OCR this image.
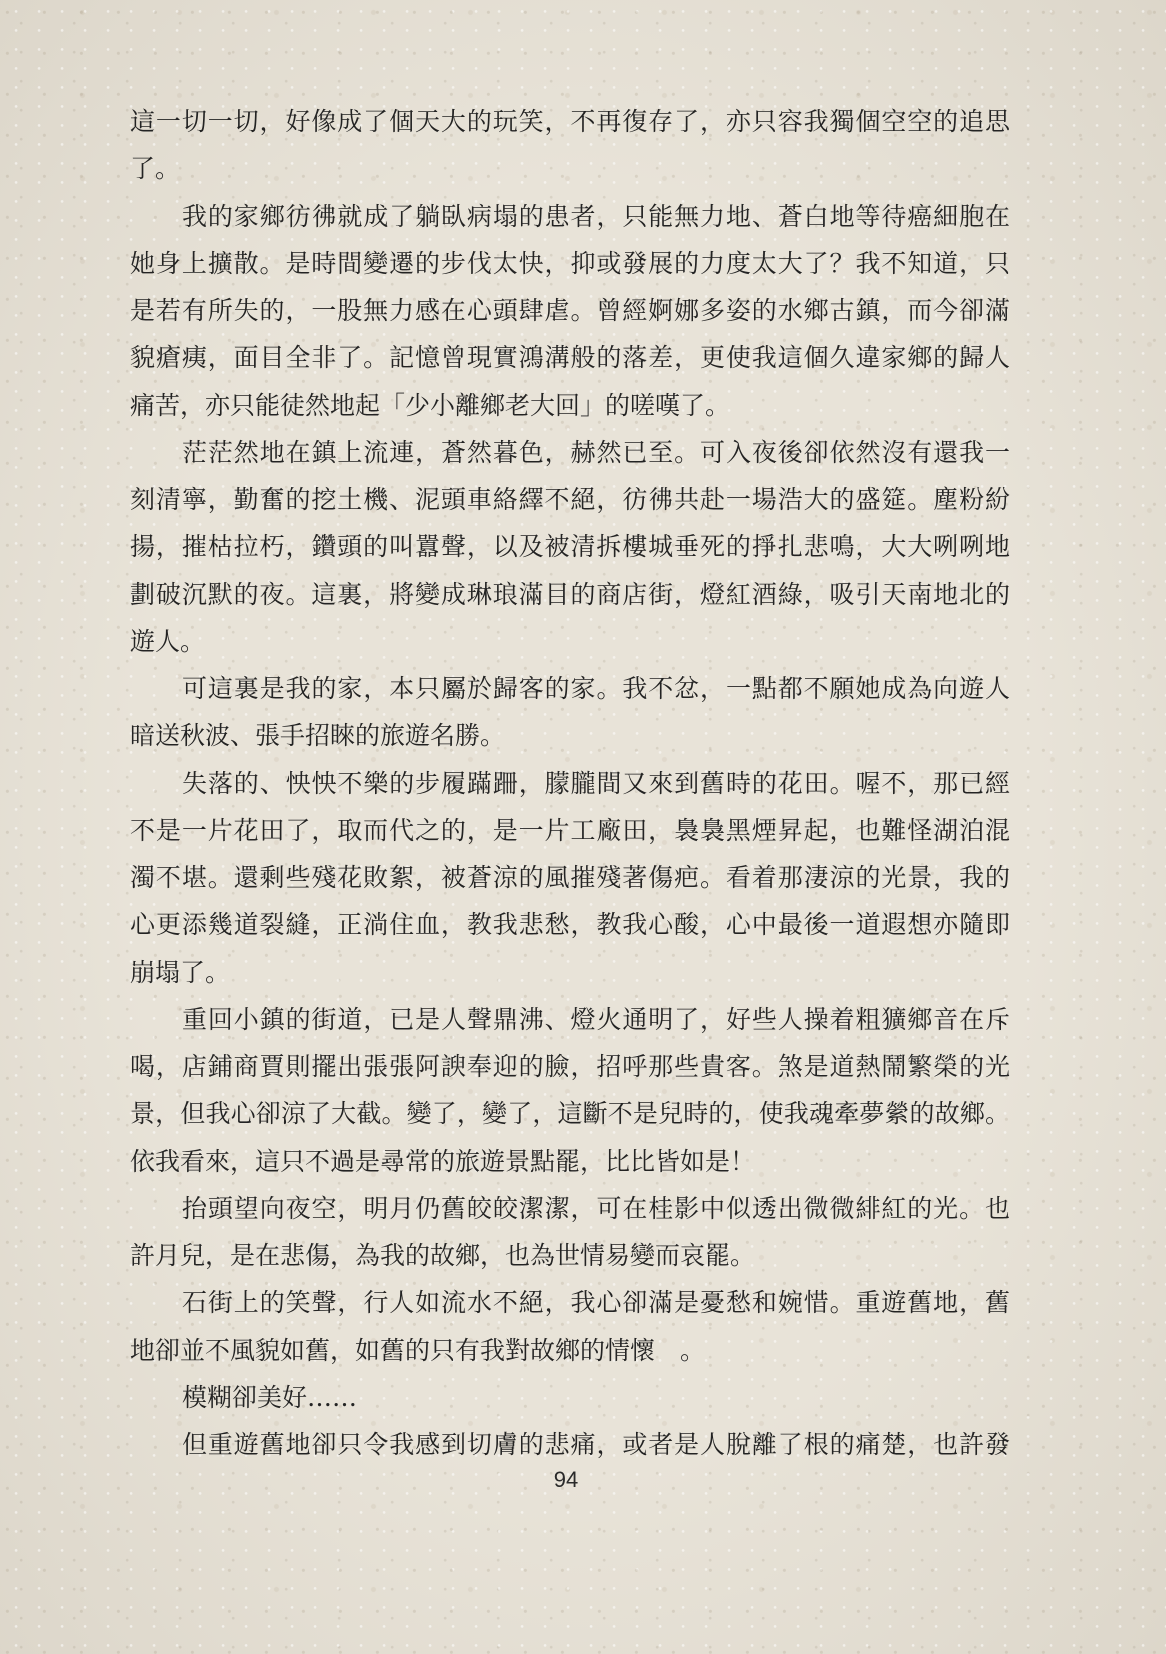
這一切一切，好像成了個天大的玩笑，不再復存了，亦只容我獨個空空的追思
了。
我的家鄉彷彿就成了躺臥病塌的患者，只能無力地、蒼白地等待癌細胞在
她身上擴散。是時間變遷的步伐太快，抑或發展的力度太大了？我不知道，只
是若有所失的，一股無力感在心頭肆虐。曾經婀娜多姿的水鄉古鎮，而今卻滿
貌瘡痍，面目全非了。記憶曾現實鴻溝般的落差，更使我這個久違家鄉的歸人
痛苦，亦只能徒然地起「少小離鄉老大回」的嗟嘆了。
茫茫然地在鎮上流連，蒼然暮色，赫然已至。可入夜後卻依然沒有還我一
刻清寧，勤奮的挖土機、泥頭車絡繹不絕，彷彿共赴一場浩大的盛筵。塵粉紛
揚，摧枯拉朽，鑽頭的叫囂聲，以及被清拆樓城垂死的掙扎悲鳴，大大咧咧地
劃破沉默的夜。這裏，將變成琳琅滿目的商店街，燈紅酒綠，吸引天南地北的
遊人。
可這裏是我的家，本只屬於歸客的家。我不忿，一點都不願她成為向遊人
暗送秋波、張手招睞的旅遊名勝。
失落的、怏怏不樂的步履蹣跚，朦朧間又來到舊時的花田。喔不，那已經
不是一片花田了，取而代之的，是一片工廠田，裊裊黑煙昇起，也難怪湖泊混
濁不堪。還剩些殘花敗絮，被蒼涼的風摧殘著傷疤。看着那淒涼的光景，我的
心更添幾道裂縫，正淌住血，教我悲愁，教我心酸，心中最後一道遐想亦隨即
崩塌了。
重回小鎮的街道，已是人聲鼎沸、燈火通明了，好些人操着粗獷鄉音在斥
喝，店鋪商賈則擺出張張阿諛奉迎的臉，招呼那些貴客。煞是道熱鬧繁榮的光
景，但我心卻涼了大截。變了，變了，這斷不是兒時的，使我魂牽夢縈的故鄉。
依我看來，這只不過是尋常的旅遊景點罷，比比皆如是！
抬頭望向夜空，明月仍舊皎皎潔潔，可在桂影中似透出微微緋紅的光。也
許月兒，是在悲傷，為我的故鄉，也為世情易變而哀罷。
石街上的笑聲，行人如流水不絕，我心卻滿是憂愁和婉惜。重遊舊地，舊
地卻並不風貌如舊，如舊的只有我對故鄉的情懷　。
模糊卻美好……
但重遊舊地卻只令我感到切膚的悲痛，或者是人脫離了根的痛楚，也許發
94
